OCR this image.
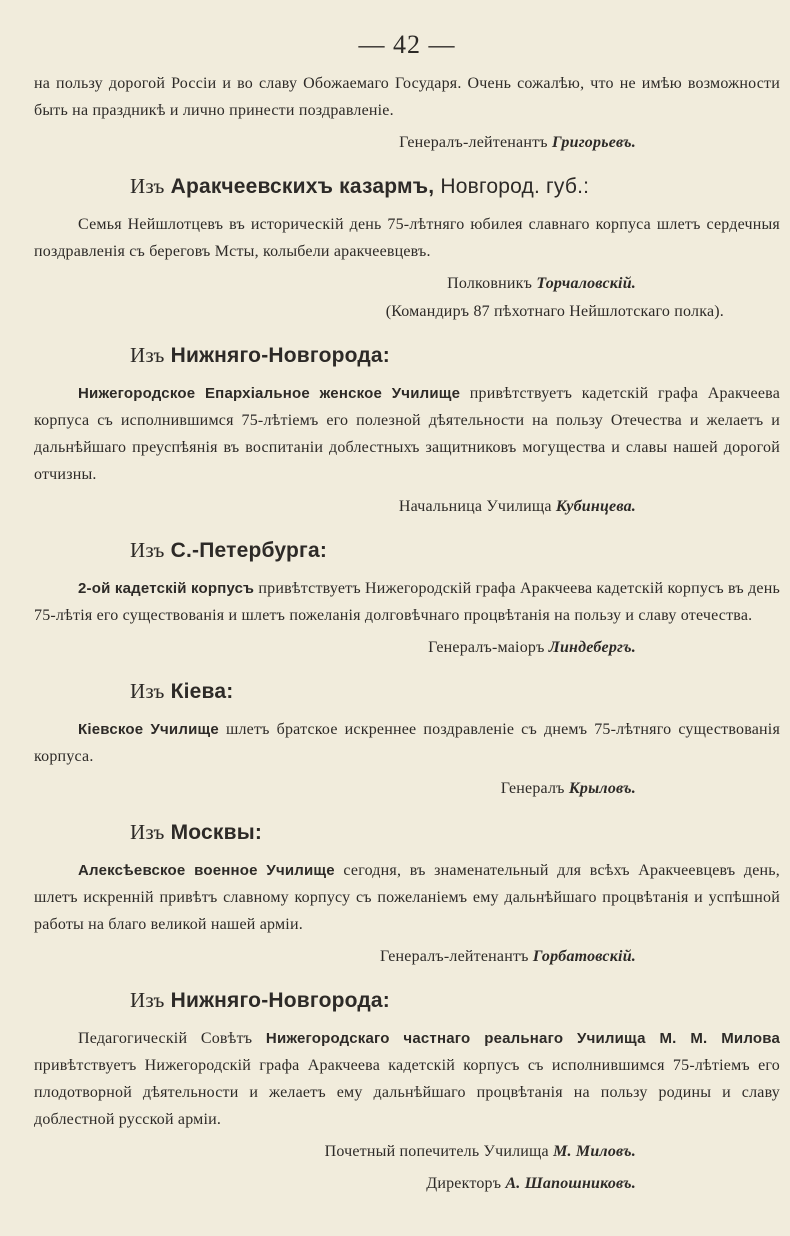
— 42 —

на пользу дорогой Россіи и во славу Обожаемаго Государя. Очень сожалѣю, что не имѣю возможности быть на праздникѣ и лично принести поздравленіе.

Генералъ-лейтенантъ Григорьевъ.
Изъ Аракчеевскихъ казармъ, Новгород. губ.:

Семья Нейшлотцевъ въ историческій день 75-лѣтняго юбилея славнаго корпуса шлетъ сердечныя поздравленія съ береговъ Мсты, колыбели аракчеевцевъ.

Полковникъ Торчаловскій.
(Командиръ 87 пѣхотнаго Нейшлотскаго полка).
Изъ Нижняго-Новгорода:

Нижегородское Епархіальное женское Училище привѣтствуетъ кадетскій графа Аракчеева корпуса съ исполнившимся 75-лѣтіемъ его полезной дѣятельности на пользу Отечества и желаетъ и дальнѣйшаго преуспѣянія въ воспитаніи доблестныхъ защитниковъ могущества и славы нашей дорогой отчизны.

Начальница Училища Кубинцева.
Изъ С.-Петербурга:

2-ой кадетскій корпусъ привѣтствуетъ Нижегородскій графа Аракчеева кадетскій корпусъ въ день 75-лѣтія его существованія и шлетъ пожеланія долговѣчнаго процвѣтанія на пользу и славу отечества.

Генералъ-маіоръ Линдебергъ.
Изъ Кіева:

Кіевское Училище шлетъ братское искреннее поздравленіе съ днемъ 75-лѣтняго существованія корпуса.

Генералъ Крыловъ.
Изъ Москвы:

Алексѣевское военное Училище сегодня, въ знаменательный для всѣхъ Аракчеевцевъ день, шлетъ искренній привѣтъ славному корпусу съ пожеланіемъ ему дальнѣйшаго процвѣтанія и успѣшной работы на благо великой нашей арміи.

Генералъ-лейтенантъ Горбатовскій.
Изъ Нижняго-Новгорода:

Педагогическій Совѣтъ Нижегородскаго частнаго реальнаго Училища М. М. Милова привѣтствуетъ Нижегородскій графа Аракчеева кадетскій корпусъ съ исполнившимся 75-лѣтіемъ его плодотворной дѣятельности и желаетъ ему дальнѣйшаго процвѣтанія на пользу родины и славу доблестной русской арміи.

Почетный попечитель Училища М. Миловъ.
Директоръ А. Шапошниковъ.
